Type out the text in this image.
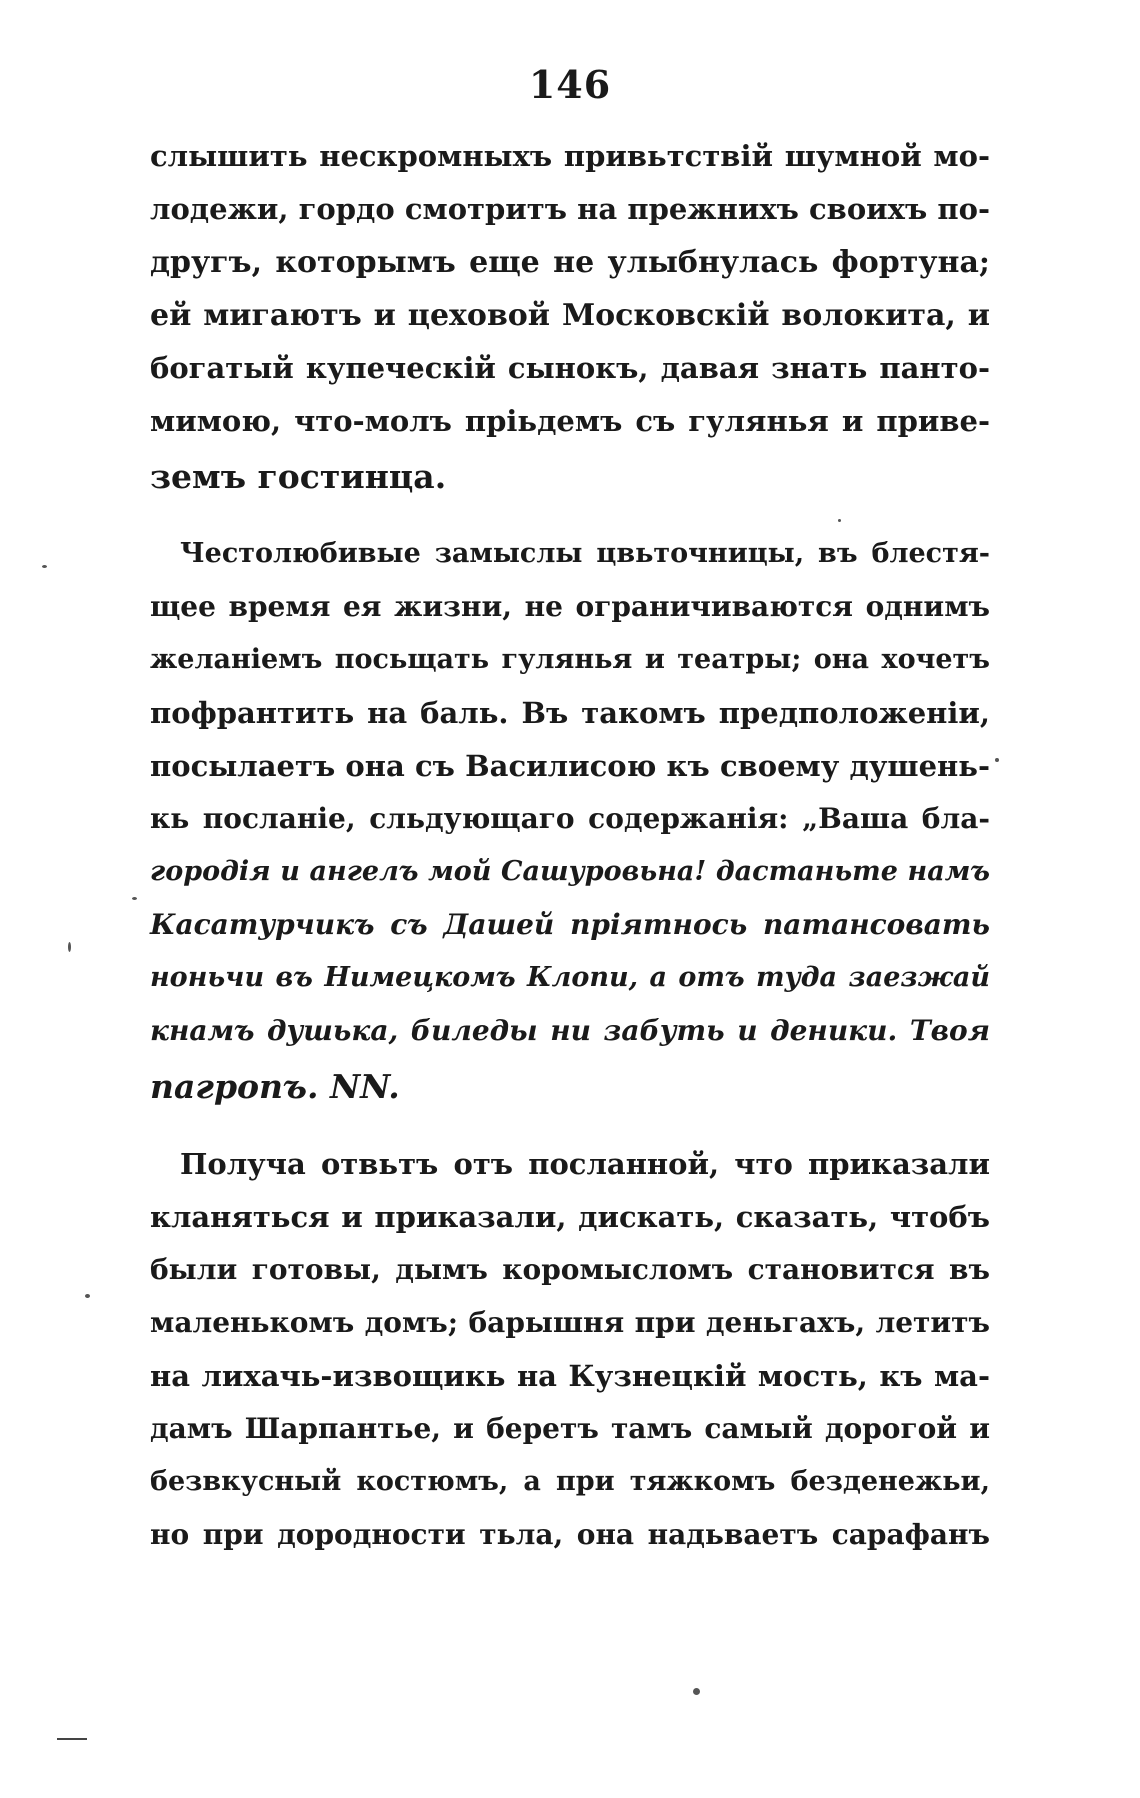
146
слышить нескромныхъ привьтствій шумной мо-
лодежи, гордо смотритъ на прежнихъ своихъ по-
другъ, которымъ еще не улыбнулась фортуна;
ей мигаютъ и цеховой Московскій волокита, и
богатый купеческій сынокъ, давая знать панто-
мимою, что-молъ пріьдемъ съ гулянья и приве-
земъ гостинца.
Честолюбивые замыслы цвьточницы, въ блестя-
щее время ея жизни, не ограничиваются однимъ
желаніемъ посьщать гулянья и театры; она хочетъ
пофрантить на баль. Въ такомъ предположеніи,
посылаетъ она съ Василисою къ своему душень-
кь посланіе, сльдующаго содержанія: „Ваша бла-
городія и ангелъ мой Сашуровьна! дастаньте намъ
Касатурчикъ съ Дашей пріятнось патансовать
ноньчи въ Нимецкомъ Клопи, а отъ туда заезжай
кнамъ душька, биледы ни забуть и деники. Твоя
пагропъ. NN.
Получа отвьтъ отъ посланной, что приказали
кланяться и приказали, дискать, сказать, чтобъ
были готовы, дымъ коромысломъ становится въ
маленькомъ домъ; барышня при деньгахъ, летитъ
на лихачь-извощикь на Кузнецкій мость, къ ма-
дамъ Шарпантье, и беретъ тамъ самый дорогой и
безвкусный костюмъ, а при тяжкомъ безденежьи,
но при дородности тьла, она надьваетъ сарафанъ
